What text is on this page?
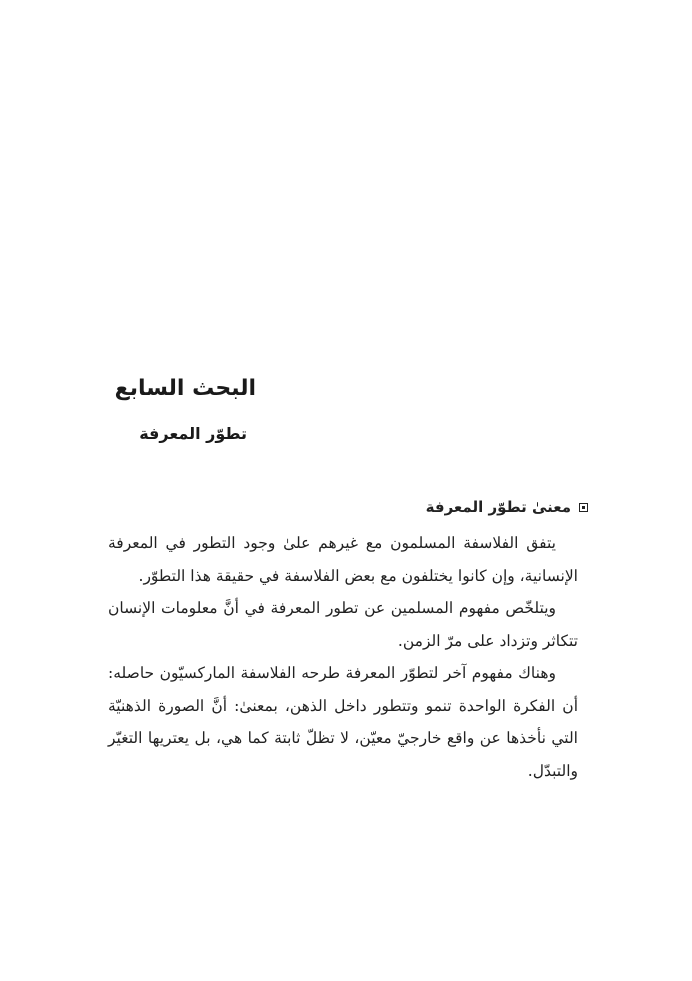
البحث السابع
تطوّر المعرفة
معنىٰ تطوّر المعرفة

يتفق الفلاسفة المسلمون مع غيرهم علىٰ وجود التطور في المعرفة الإنسانية، وإن كانوا يختلفون مع بعض الفلاسفة في حقيقة هذا التطوّر.

ويتلخّص مفهوم المسلمين عن تطور المعرفة في أنَّ معلومات الإنسان تتكاثر وتزداد على مرّ الزمن.

وهناك مفهوم آخر لتطوّر المعرفة طرحه الفلاسفة الماركسيّون حاصله: أن الفكرة الواحدة تنمو وتتطور داخل الذهن، بمعنىٰ: أنَّ الصورة الذهنيّة التي نأخذها عن واقع خارجيّ معيّن، لا تظلّ ثابتة كما هي، بل يعتريها التغيّر والتبدّل.
